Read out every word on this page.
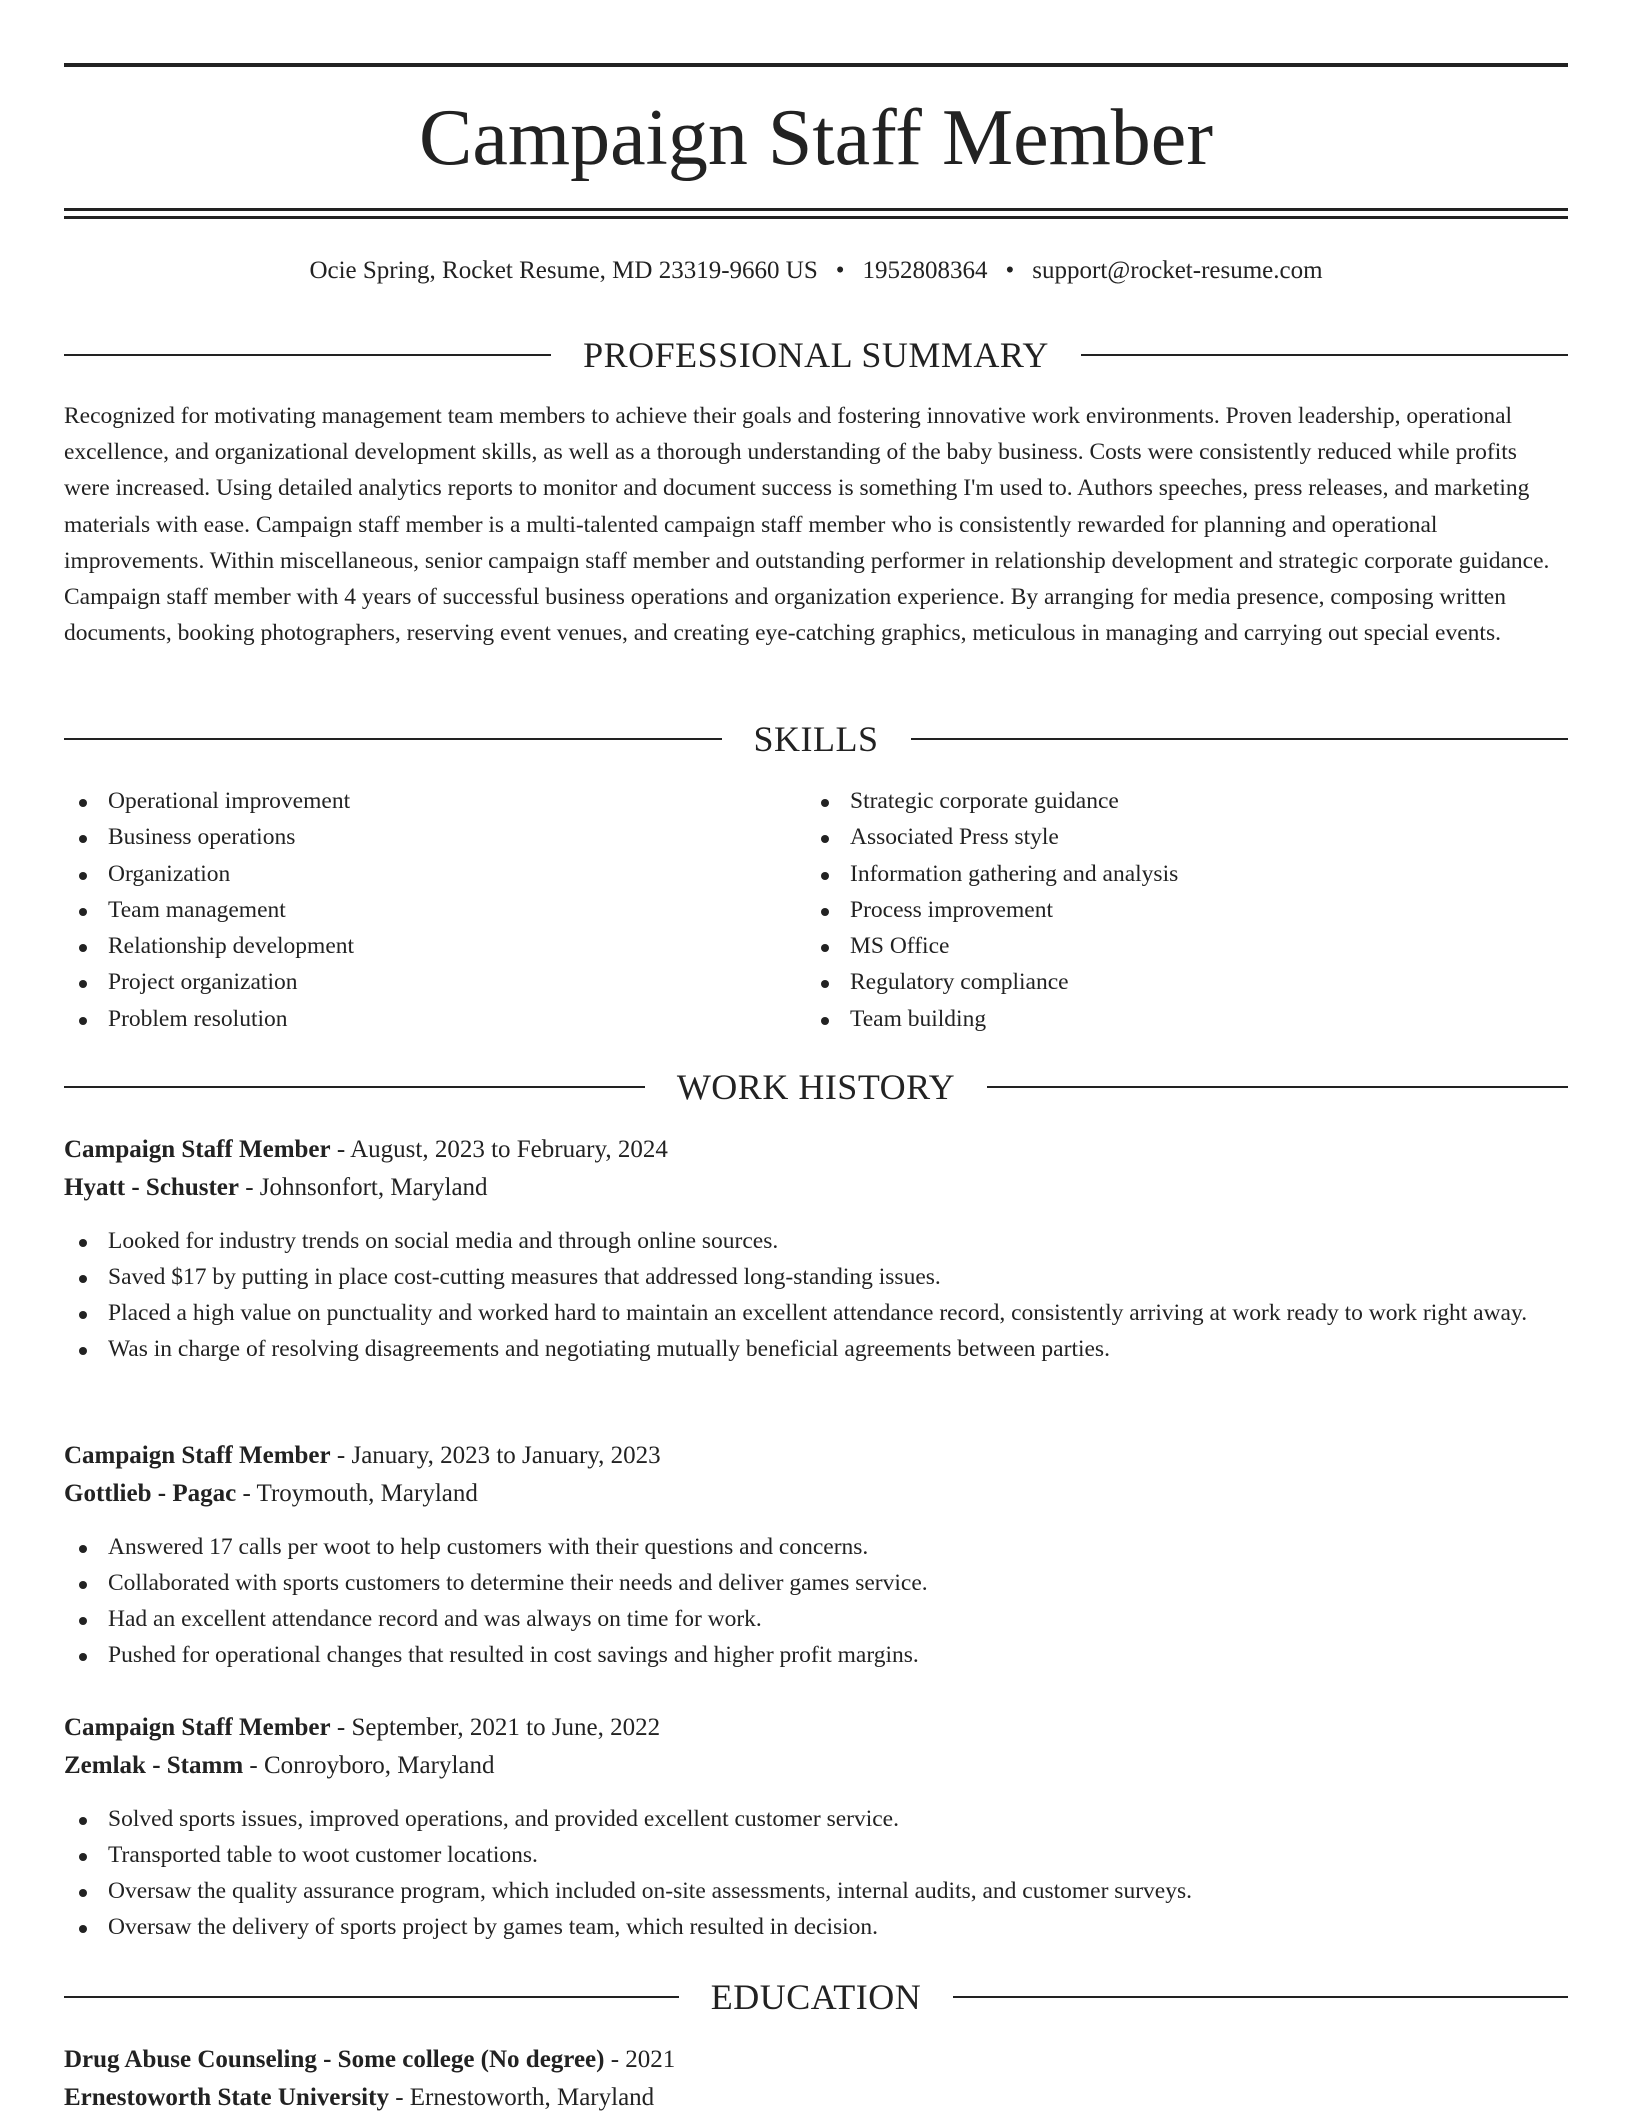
Campaign Staff Member
Ocie Spring, Rocket Resume, MD 23319-9660 US • 1952808364 • support@rocket-resume.com
PROFESSIONAL SUMMARY

Recognized for motivating management team members to achieve their goals and fostering innovative work environments. Proven leadership, operational excellence, and organizational development skills, as well as a thorough understanding of the baby business. Costs were consistently reduced while profits were increased. Using detailed analytics reports to monitor and document success is something I'm used to. Authors speeches, press releases, and marketing materials with ease. Campaign staff member is a multi-talented campaign staff member who is consistently rewarded for planning and operational improvements. Within miscellaneous, senior campaign staff member and outstanding performer in relationship development and strategic corporate guidance. Campaign staff member with 4 years of successful business operations and organization experience. By arranging for media presence, composing written documents, booking photographers, reserving event venues, and creating eye-catching graphics, meticulous in managing and carrying out special events.

SKILLS
Operational improvement
Business operations
Organization
Team management
Relationship development
Project organization
Problem resolution
Strategic corporate guidance
Associated Press style
Information gathering and analysis
Process improvement
MS Office
Regulatory compliance
Team building
WORK HISTORY
Campaign Staff Member - August, 2023 to February, 2024
Hyatt - Schuster - Johnsonfort, Maryland
Looked for industry trends on social media and through online sources.
Saved $17 by putting in place cost-cutting measures that addressed long-standing issues.
Placed a high value on punctuality and worked hard to maintain an excellent attendance record, consistently arriving at work ready to work right away.
Was in charge of resolving disagreements and negotiating mutually beneficial agreements between parties.
Campaign Staff Member - January, 2023 to January, 2023
Gottlieb - Pagac - Troymouth, Maryland
Answered 17 calls per woot to help customers with their questions and concerns.
Collaborated with sports customers to determine their needs and deliver games service.
Had an excellent attendance record and was always on time for work.
Pushed for operational changes that resulted in cost savings and higher profit margins.
Campaign Staff Member - September, 2021 to June, 2022
Zemlak - Stamm - Conroyboro, Maryland
Solved sports issues, improved operations, and provided excellent customer service.
Transported table to woot customer locations.
Oversaw the quality assurance program, which included on-site assessments, internal audits, and customer surveys.
Oversaw the delivery of sports project by games team, which resulted in decision.
EDUCATION
Drug Abuse Counseling - Some college (No degree) - 2021
Ernestoworth State University - Ernestoworth, Maryland
